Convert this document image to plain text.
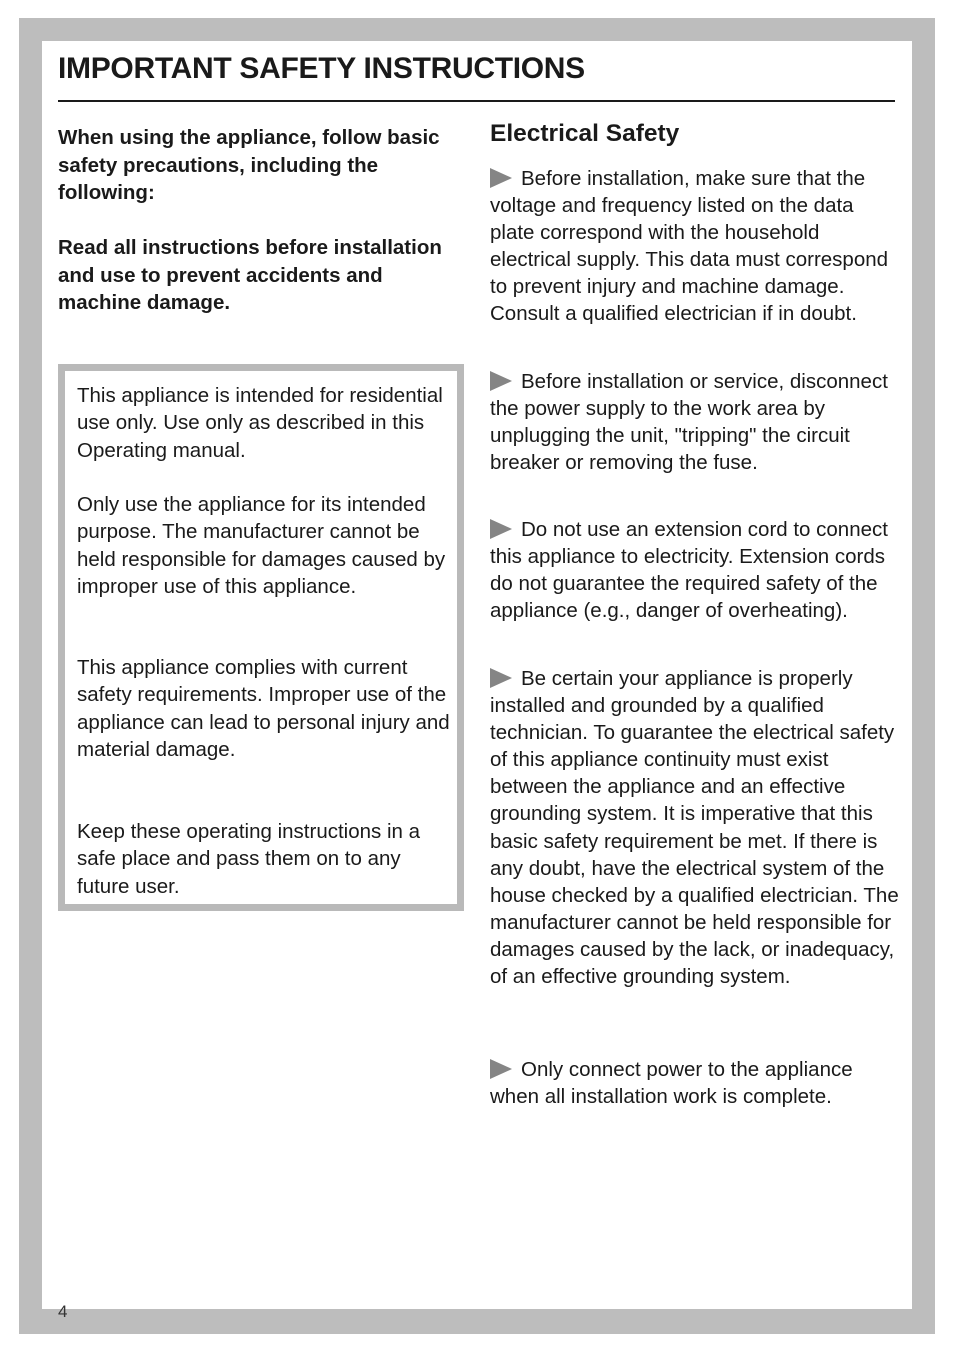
IMPORTANT SAFETY INSTRUCTIONS

When using the appliance, follow basic safety precautions, including the following:

Read all instructions before installation and use to prevent accidents and machine damage.

This appliance is intended for residential use only. Use only as described in this Operating manual.

Only use the appliance for its intended purpose. The manufacturer cannot be held responsible for damages caused by improper use of this appliance.

This appliance complies with current safety requirements. Improper use of the appliance can lead to personal injury and material damage.

Keep these operating instructions in a safe place and pass them on to any future user.

Electrical Safety

Before installation, make sure that the voltage and frequency listed on the data plate correspond with the household electrical supply. This data must correspond to prevent injury and machine damage. Consult a qualified electrician if in doubt.

Before installation or service, disconnect the power supply to the work area by unplugging the unit, "tripping" the circuit breaker or removing the fuse.

Do not use an extension cord to connect this appliance to electricity. Extension cords do not guarantee the required safety of the appliance (e.g., danger of overheating).

Be certain your appliance is properly installed and grounded by a qualified technician. To guarantee the electrical safety of this appliance continuity must exist between the appliance and an effective grounding system. It is imperative that this basic safety requirement be met. If there is any doubt, have the electrical system of the house checked by a qualified electrician. The manufacturer cannot be held responsible for damages caused by the lack, or inadequacy, of an effective grounding system.

Only connect power to the appliance when all installation work is complete.

4
